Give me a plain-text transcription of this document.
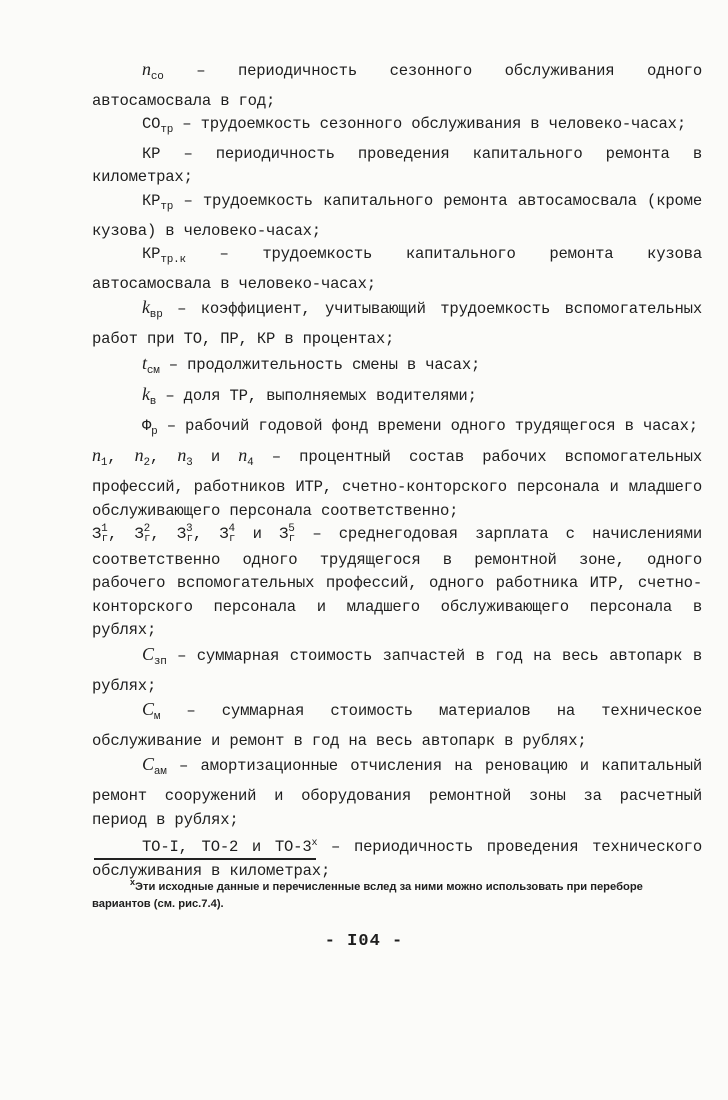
$n_{co}$ – периодичность сезонного обслуживания одного автосамосвала в год;

$CO_{тр}$ – трудоемкость сезонного обслуживания в человеко-часах;

КР – периодичность проведения капитального ремонта в километрах;

$КР_{тр}$ – трудоемкость капитального ремонта автосамосвала (кроме кузова) в человеко-часах;

$КР_{тр.к}$ – трудоемкость капитального ремонта кузова автосамосвала в человеко-часах;

$k_{вр}$ – коэффициент, учитывающий трудоемкость вспомогательных работ при ТО, ПР, КР в процентах;

$t_{см}$ – продолжительность смены в часах;

$k_в$ – доля ТР, выполняемых водителями;

$Ф_р$ – рабочий годовой фонд времени одного трудящегося в часах;

$n_1$, $n_2$, $n_3$ и $n_4$ – процентный состав рабочих вспомогательных профессий, работников ИТР, счетно-конторского персонала и младшего обслуживающего персонала соответственно;

З1г, З2г, З3г, З4г и З5г – среднегодовая зарплата с начислениями соответственно одного трудящегося в ремонтной зоне, одного рабочего вспомогательных профессий, одного работника ИТР, счетно-конторского персонала и младшего обслуживающего персонала в рублях;

$C_{зп}$ – суммарная стоимость запчастей в год на весь автопарк в рублях;

$C_м$ – суммарная стоимость материалов на техническое обслуживание и ремонт в год на весь автопарк в рублях;

$C_{ам}$ – амортизационные отчисления на реновацию и капитальный ремонт сооружений и оборудования ремонтной зоны за расчетный период в рублях;

ТО-I, ТО-2 и ТО-3$^x$ – периодичность проведения технического обслуживания в километрах;

$^x$Эти исходные данные и перечисленные вслед за ними можно использовать при переборе вариантов (см. рис.7.4).
- I04 -
